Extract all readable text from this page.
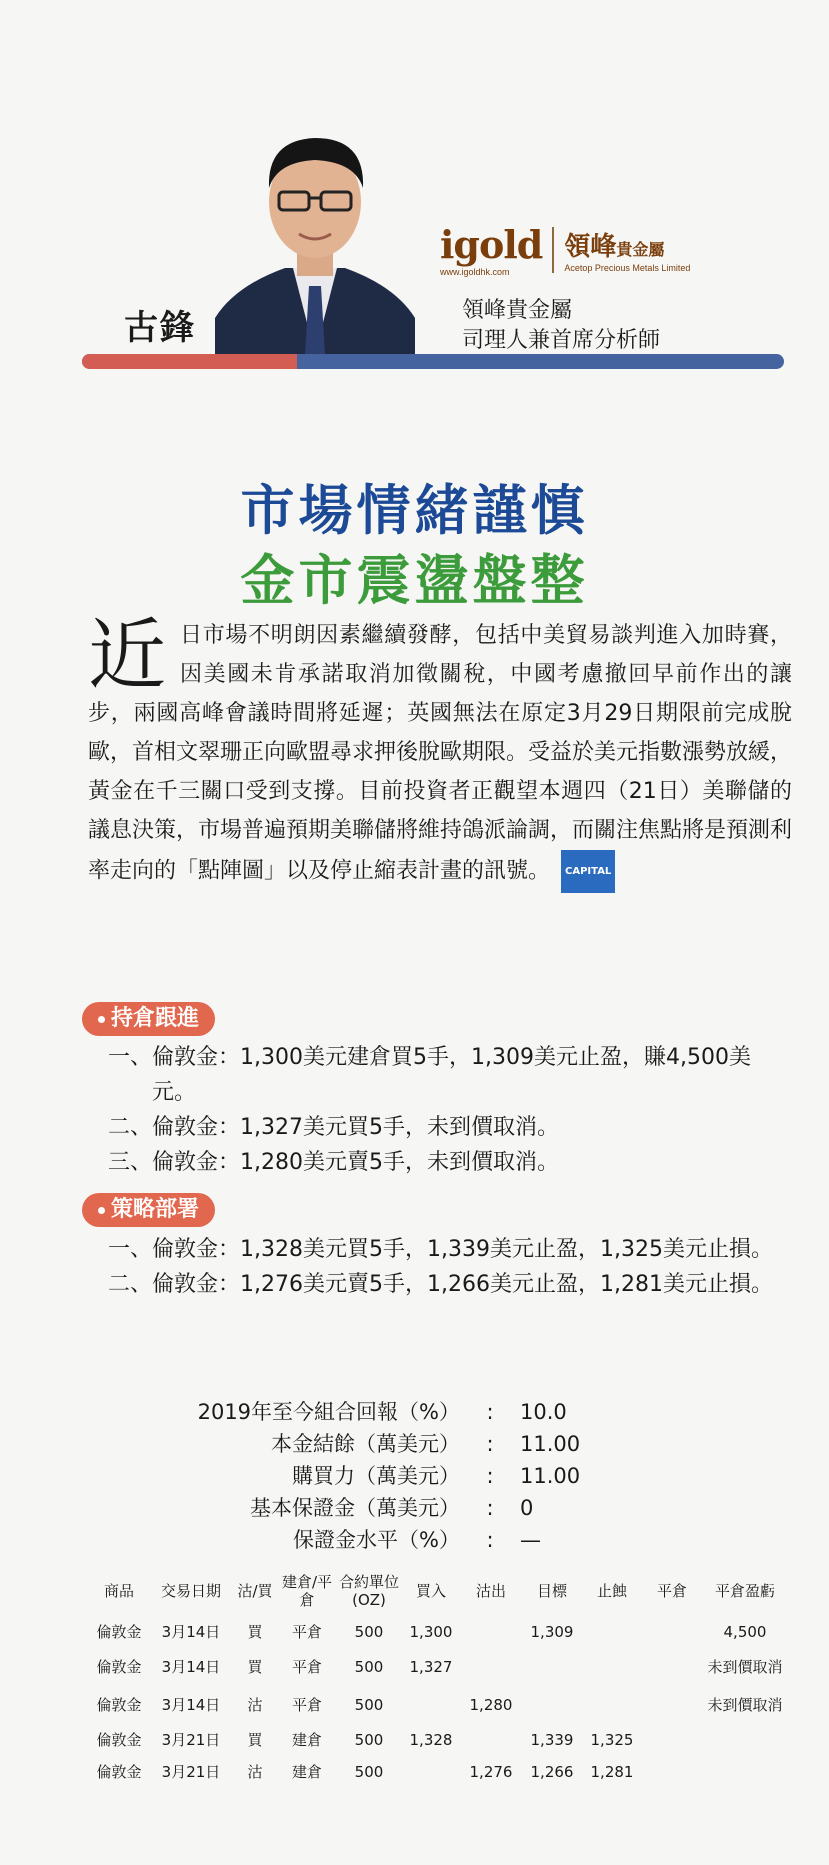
古鋒
igold
www.igoldhk.com
領峰貴金屬
Acetop Precious Metals Limited
領峰貴金屬
司理人兼首席分析師
市場情緒謹慎
金市震盪盤整
近 日市場不明朗因素繼續發酵，包括中美貿易談判進入加時賽，因美國未肯承諾取消加徵關稅，中國考慮撤回早前作出的讓步，兩國高峰會議時間將延遲；英國無法在原定3月29日期限前完成脫歐，首相文翠珊正向歐盟尋求押後脫歐期限。受益於美元指數漲勢放緩，黃金在千三關口受到支撐。目前投資者正觀望本週四（21日）美聯儲的議息決策，市場普遍預期美聯儲將維持鴿派論調，而關注焦點將是預測利率走向的「點陣圖」以及停止縮表計畫的訊號。 CAPITAL
持倉跟進
一、 倫敦金：1,300美元建倉買5手，1,309美元止盈，賺4,500美元。
二、 倫敦金：1,327美元買5手，未到價取消。
三、 倫敦金：1,280美元賣5手，未到價取消。
策略部署
一、 倫敦金：1,328美元買5手，1,339美元止盈，1,325美元止損。
二、 倫敦金：1,276美元賣5手，1,266美元止盈，1,281美元止損。
2019年至今組合回報（%）	:	10.0
本金結餘（萬美元）	:	11.00
購買力（萬美元）	:	11.00
基本保證金（萬美元）	:	0
保證金水平（%）	:	—
商品	交易日期	沽/買	建倉/平倉	合約單位(OZ)	買入	沽出	目標	止蝕	平倉	平倉盈虧
倫敦金	3月14日	買	平倉	500	1,300		1,309			4,500
倫敦金	3月14日	買	平倉	500	1,327					未到價取消
倫敦金	3月14日	沽	平倉	500		1,280				未到價取消
倫敦金	3月21日	買	建倉	500	1,328		1,339	1,325		
倫敦金	3月21日	沽	建倉	500		1,276	1,266	1,281		
